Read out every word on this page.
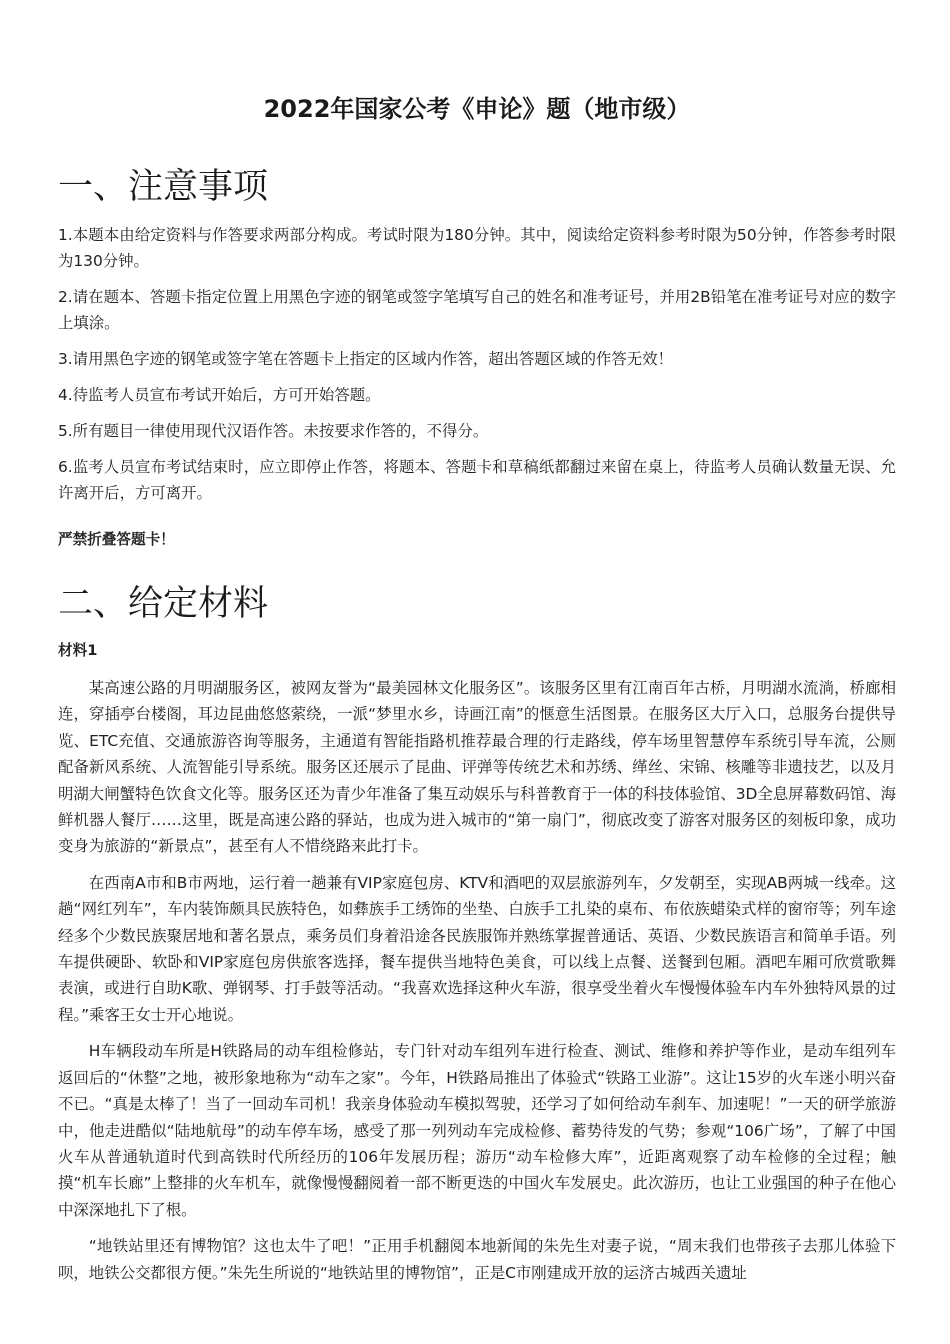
2022年国家公考《申论》题（地市级）
一、注意事项

1.本题本由给定资料与作答要求两部分构成。考试时限为180分钟。其中，阅读给定资料参考时限为50分钟，作答参考时限为130分钟。

2.请在题本、答题卡指定位置上用黑色字迹的钢笔或签字笔填写自己的姓名和准考证号，并用2B铅笔在准考证号对应的数字上填涂。

3.请用黑色字迹的钢笔或签字笔在答题卡上指定的区域内作答，超出答题区域的作答无效！

4.待监考人员宣布考试开始后，方可开始答题。

5.所有题目一律使用现代汉语作答。未按要求作答的，不得分。

6.监考人员宣布考试结束时，应立即停止作答，将题本、答题卡和草稿纸都翻过来留在桌上，待监考人员确认数量无误、允许离开后，方可离开。

严禁折叠答题卡！

二、给定材料

材料1

某高速公路的月明湖服务区，被网友誉为“最美园林文化服务区”。该服务区里有江南百年古桥，月明湖水流淌，桥廊相连，穿插亭台楼阁，耳边昆曲悠悠萦绕，一派“梦里水乡，诗画江南”的惬意生活图景。在服务区大厅入口，总服务台提供导览、ETC充值、交通旅游咨询等服务，主通道有智能指路机推荐最合理的行走路线，停车场里智慧停车系统引导车流，公厕配备新风系统、人流智能引导系统。服务区还展示了昆曲、评弹等传统艺术和苏绣、缂丝、宋锦、核雕等非遗技艺，以及月明湖大闸蟹特色饮食文化等。服务区还为青少年准备了集互动娱乐与科普教育于一体的科技体验馆、3D全息屏幕数码馆、海鲜机器人餐厅……这里，既是高速公路的驿站，也成为进入城市的“第一扇门”，彻底改变了游客对服务区的刻板印象，成功变身为旅游的“新景点”，甚至有人不惜绕路来此打卡。

在西南A市和B市两地，运行着一趟兼有VIP家庭包房、KTV和酒吧的双层旅游列车，夕发朝至，实现AB两城一线牵。这趟“网红列车”，车内装饰颇具民族特色，如彝族手工绣饰的坐垫、白族手工扎染的桌布、布依族蜡染式样的窗帘等；列车途经多个少数民族聚居地和著名景点，乘务员们身着沿途各民族服饰并熟练掌握普通话、英语、少数民族语言和简单手语。列车提供硬卧、软卧和VIP家庭包房供旅客选择，餐车提供当地特色美食，可以线上点餐、送餐到包厢。酒吧车厢可欣赏歌舞表演，或进行自助K歌、弹钢琴、打手鼓等活动。“我喜欢选择这种火车游，很享受坐着火车慢慢体验车内车外独特风景的过程。”乘客王女士开心地说。

H车辆段动车所是H铁路局的动车组检修站，专门针对动车组列车进行检查、测试、维修和养护等作业，是动车组列车返回后的“休整”之地，被形象地称为“动车之家”。今年，H铁路局推出了体验式“铁路工业游”。这让15岁的火车迷小明兴奋不已。“真是太棒了！当了一回动车司机！我亲身体验动车模拟驾驶，还学习了如何给动车刹车、加速呢！”一天的研学旅游中，他走进酷似“陆地航母”的动车停车场，感受了那一列列动车完成检修、蓄势待发的气势；参观“106广场”，了解了中国火车从普通轨道时代到高铁时代所经历的106年发展历程；游历“动车检修大库”，近距离观察了动车检修的全过程；触摸“机车长廊”上整排的火车机车，就像慢慢翻阅着一部不断更迭的中国火车发展史。此次游历，也让工业强国的种子在他心中深深地扎下了根。

“地铁站里还有博物馆？这也太牛了吧！”正用手机翻阅本地新闻的朱先生对妻子说，“周末我们也带孩子去那儿体验下呗，地铁公交都很方便。”朱先生所说的“地铁站里的博物馆”，正是C市刚建成开放的运济古城西关遗址
